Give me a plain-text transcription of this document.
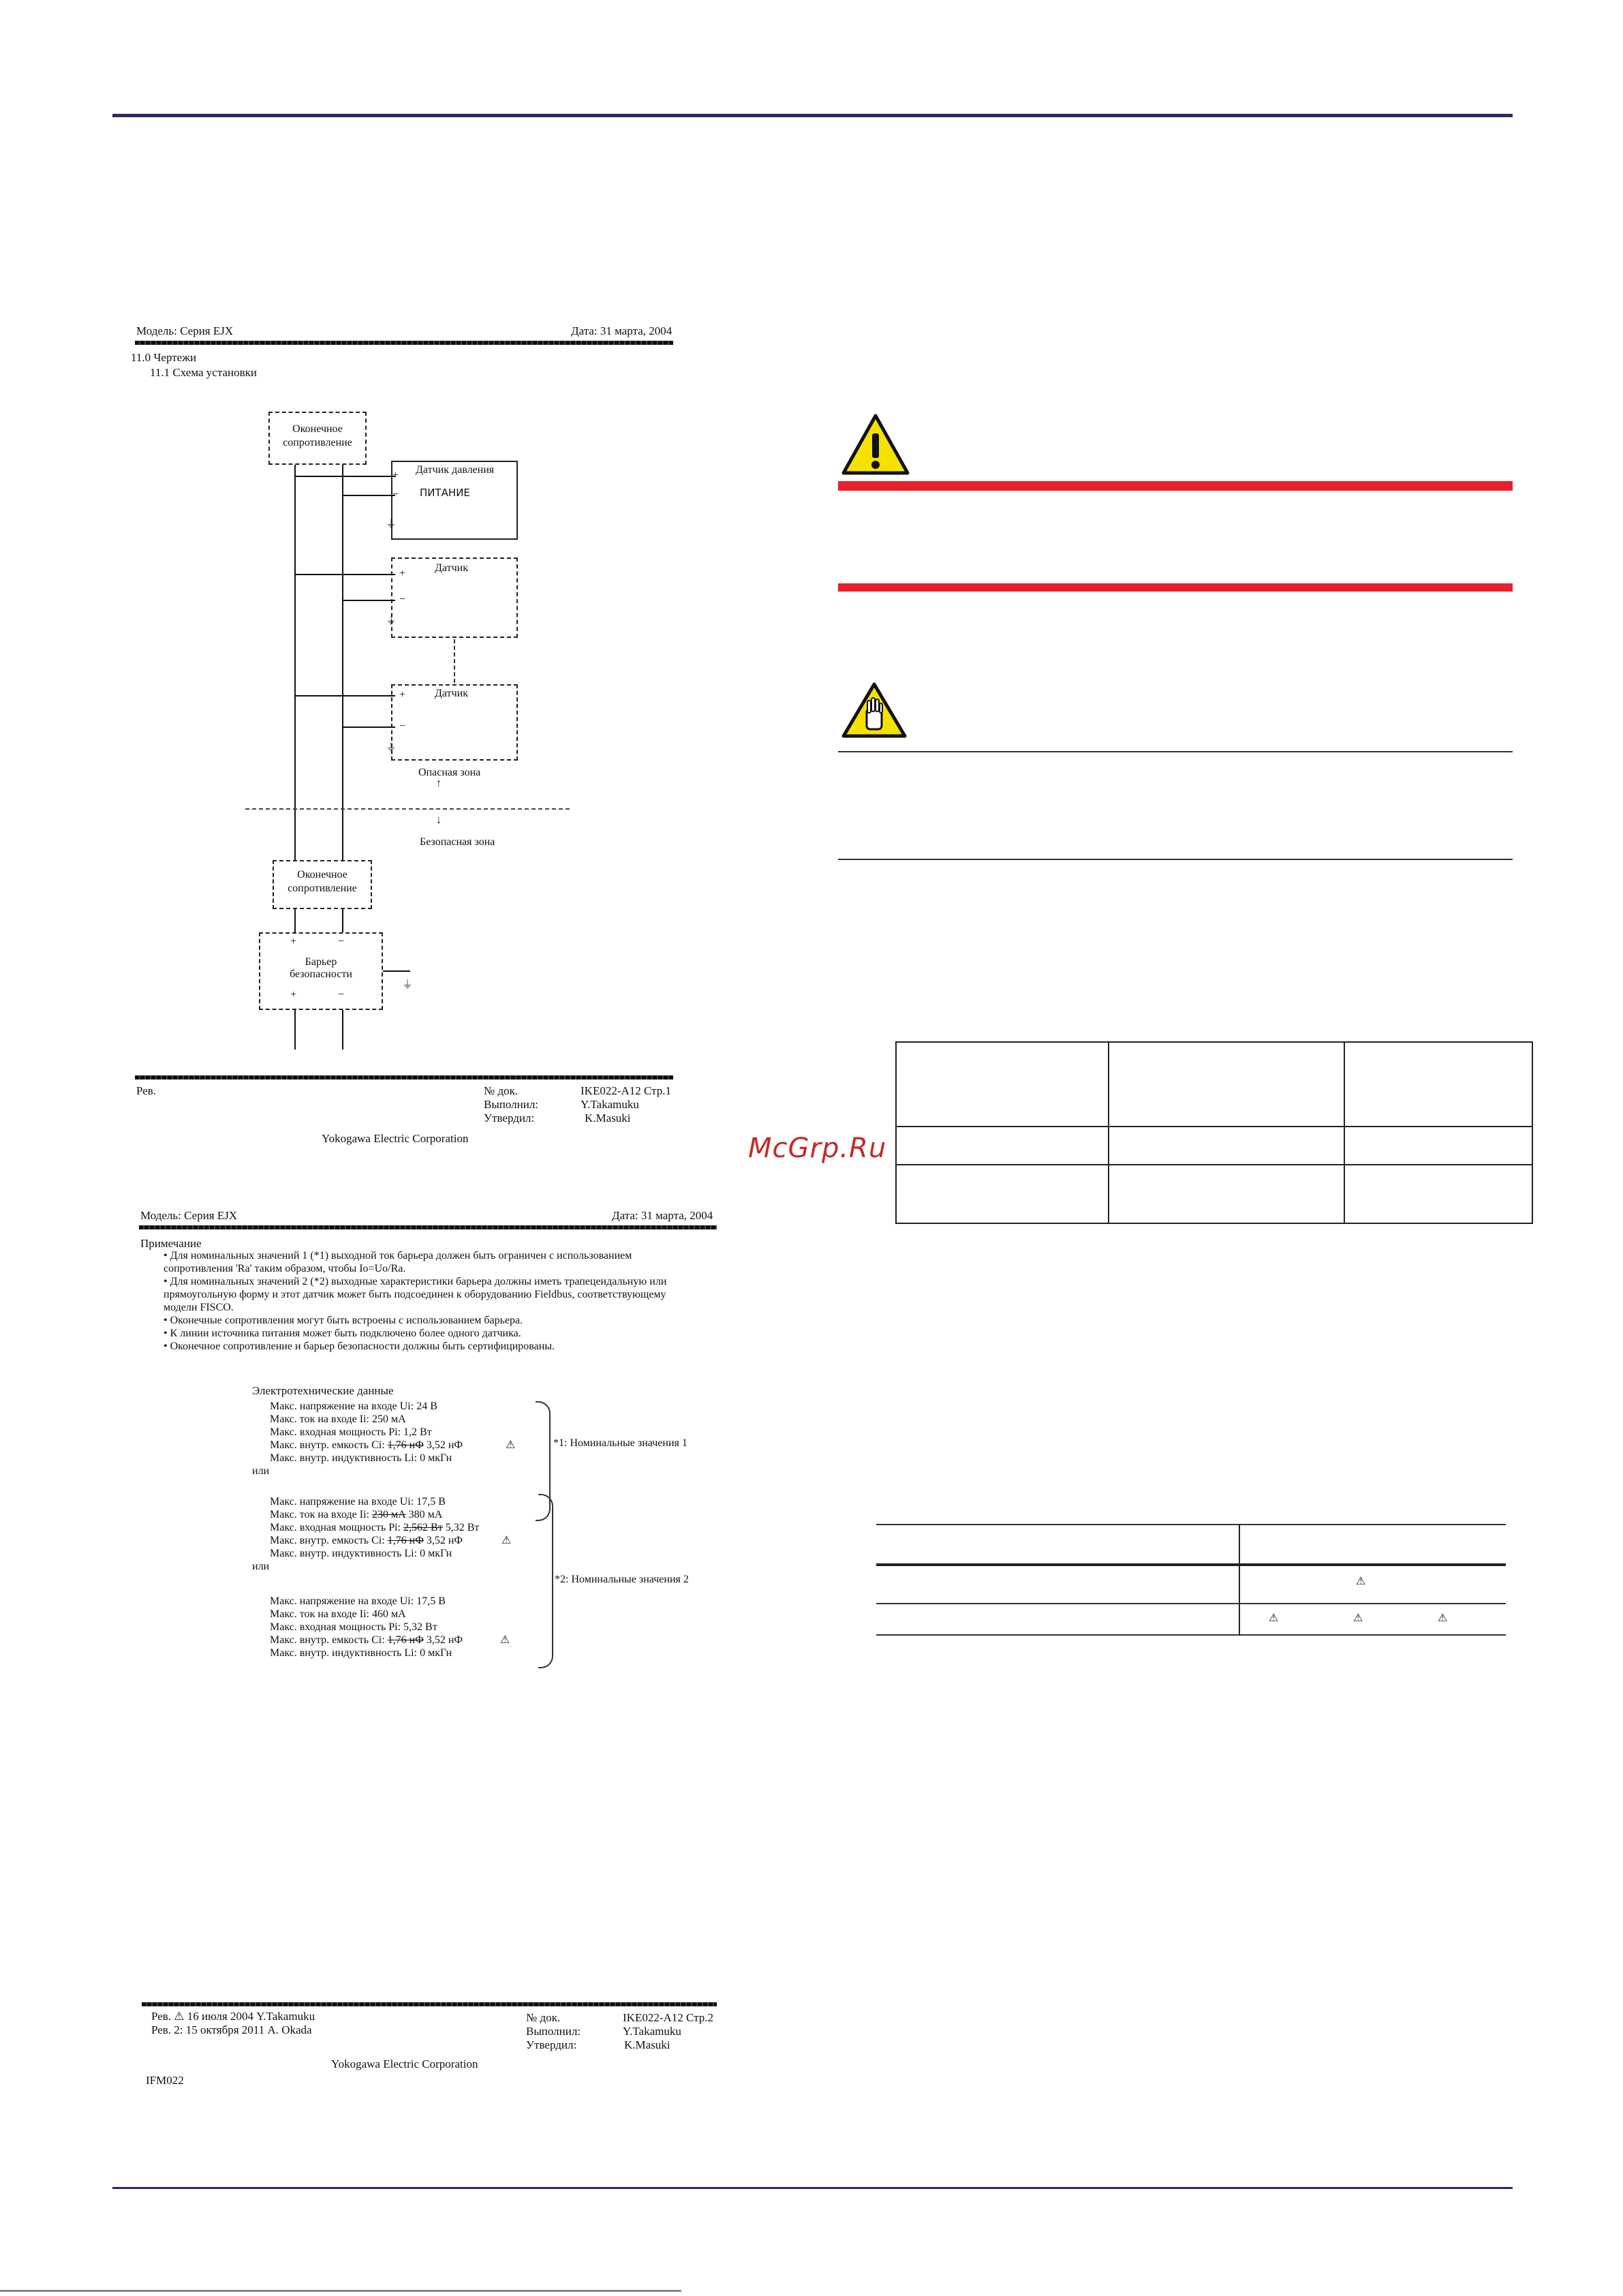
Модель: Серия EJX	Дата: 31 марта, 2004
11.0 Чертежи
11.1 Схема установки
Оконечное
сопротивление
Датчик давления
ПИТАНИЕ
+
−
⏚
Датчик
+
−
⏚
Датчик
+
−
⏚
Опасная зона
↑
↓
Безопасная зона
Оконечное
сопротивление
+	−
Барьер
безопасности
+	−
⏚
Рев.	№ док.	IKE022-A12 Стр.1
Выполнил:	Y.Takamuku
Утвердил:	K.Masuki
Yokogawa Electric Corporation
Модель: Серия EJX	Дата: 31 марта, 2004
Примечание
• Для номинальных значений 1 (*1) выходной ток барьера должен быть ограничен с использованием
сопротивления 'Ra' таким образом, чтобы Io=Uo/Ra.
• Для номинальных значений 2 (*2) выходные характеристики барьера должны иметь трапецеидальную или
прямоугольную форму и этот датчик может быть подсоединен к оборудованию Fieldbus, соответствующему
модели FISCO.
• Оконечные сопротивления могут быть встроены с использованием барьера.
• К линии источника питания может быть подключено более одного датчика.
• Оконечное сопротивление и барьер безопасности должны быть сертифицированы.
Электротехнические данные
Макс. напряжение на входе Ui: 24 В
Макс. ток на входе Ii: 250 мА
Макс. входная мощность Pi: 1,2 Вт
Макс. внутр. емкость Ci: 1,76 нФ 3,52 нФ
Макс. внутр. индуктивность Li: 0 мкГн
⚠
или
*1: Номинальные значения 1
Макс. напряжение на входе Ui: 17,5 В
Макс. ток на входе Ii: 230 мА 380 мА
Макс. входная мощность Pi: 2,562 Вт 5,32 Вт
Макс. внутр. емкость Ci: 1,76 нФ 3,52 нФ
Макс. внутр. индуктивность Li: 0 мкГн
⚠
или
*2: Номинальные значения 2
Макс. напряжение на входе Ui: 17,5 В
Макс. ток на входе Ii: 460 мА
Макс. входная мощность Pi: 5,32 Вт
Макс. внутр. емкость Ci: 1,76 нФ 3,52 нФ
Макс. внутр. индуктивность Li: 0 мкГн
⚠
Рев. ⚠ 16 июля 2004 Y.Takamuku
Рев. 2: 15 октября 2011 A. Okada
№ док.	IKE022-A12 Стр.2
Выполнил:	Y.Takamuku
Утвердил:	K.Masuki
Yokogawa Electric Corporation
IFM022
McGrp.Ru

⚠
⚠	⚠	⚠
